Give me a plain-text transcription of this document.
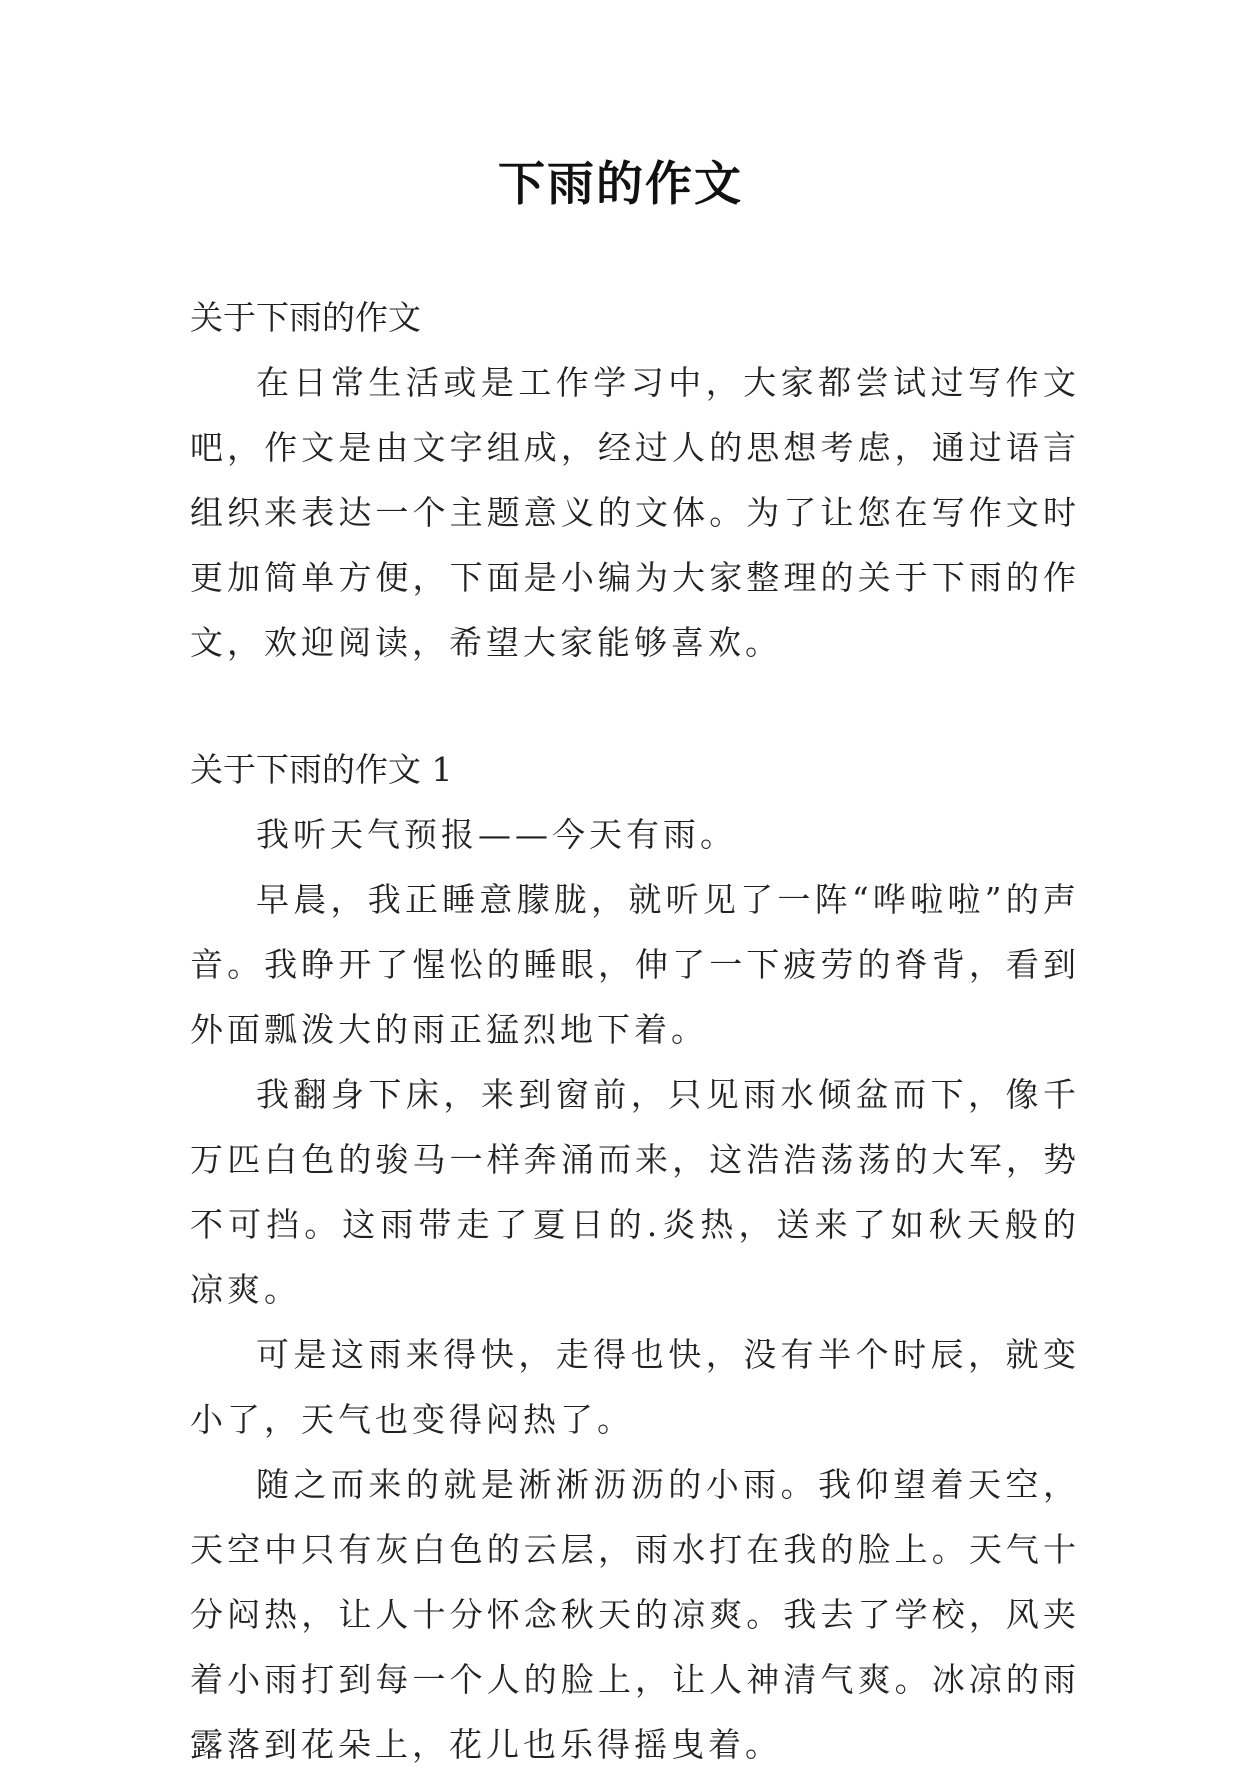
下雨的作文

关于下雨的作文

在日常生活或是工作学习中，大家都尝试过写作文吧，作文是由文字组成，经过人的思想考虑，通过语言组织来表达一个主题意义的文体。为了让您在写作文时更加简单方便，下面是小编为大家整理的关于下雨的作文，欢迎阅读，希望大家能够喜欢。

关于下雨的作文 1

我听天气预报——今天有雨。

早晨，我正睡意朦胧，就听见了一阵“哗啦啦”的声音。我睁开了惺忪的睡眼，伸了一下疲劳的脊背，看到外面瓢泼大的雨正猛烈地下着。

我翻身下床，来到窗前，只见雨水倾盆而下，像千万匹白色的骏马一样奔涌而来，这浩浩荡荡的大军，势不可挡。这雨带走了夏日的.炎热，送来了如秋天般的凉爽。

可是这雨来得快，走得也快，没有半个时辰，就变小了，天气也变得闷热了。

随之而来的就是淅淅沥沥的小雨。我仰望着天空，天空中只有灰白色的云层，雨水打在我的脸上。天气十分闷热，让人十分怀念秋天的凉爽。我去了学校，风夹着小雨打到每一个人的脸上，让人神清气爽。冰凉的雨露落到花朵上，花儿也乐得摇曳着。
